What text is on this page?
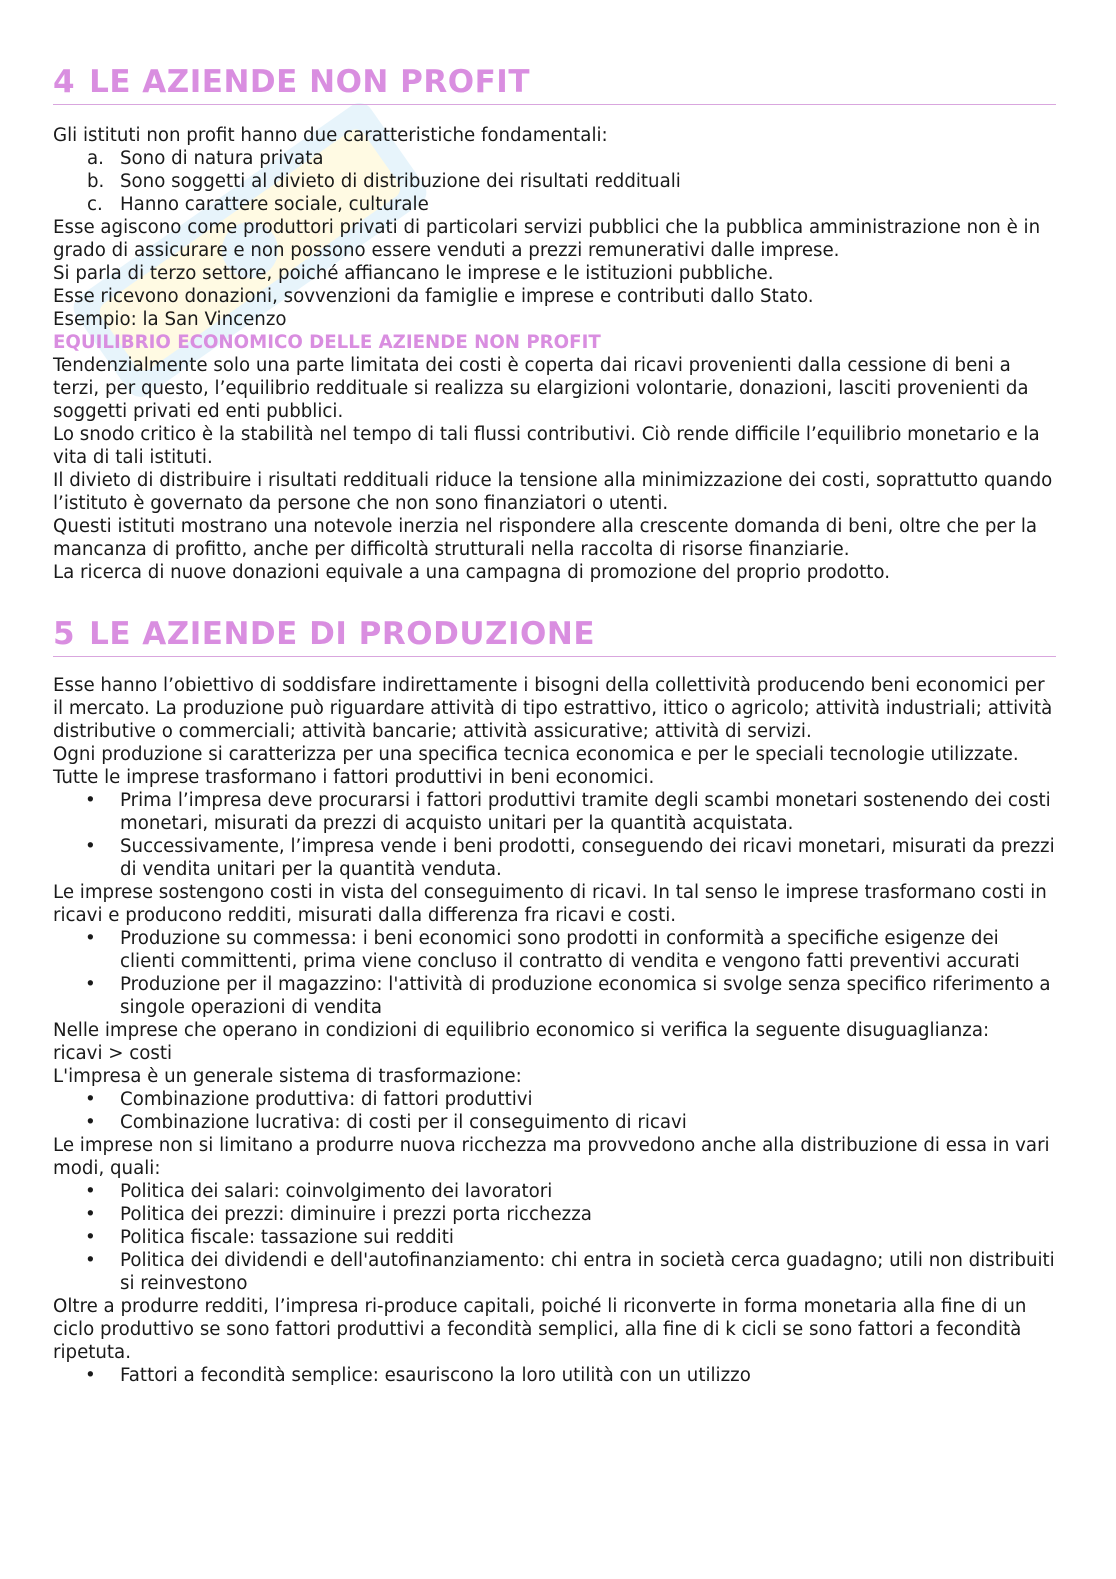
4 LE AZIENDE NON PROFIT

Gli istituti non profit hanno due caratteristiche fondamentali:

a. Sono di natura privata
b. Sono soggetti al divieto di distribuzione dei risultati reddituali
c. Hanno carattere sociale, culturale

Esse agiscono come produttori privati di particolari servizi pubblici che la pubblica amministrazione non è in grado di assicurare e non possono essere venduti a prezzi remunerativi dalle imprese.

Si parla di terzo settore, poiché affiancano le imprese e le istituzioni pubbliche.

Esse ricevono donazioni, sovvenzioni da famiglie e imprese e contributi dallo Stato.

Esempio: la San Vincenzo

EQUILIBRIO ECONOMICO DELLE AZIENDE NON PROFIT

Tendenzialmente solo una parte limitata dei costi è coperta dai ricavi provenienti dalla cessione di beni a terzi, per questo, l’equilibrio reddituale si realizza su elargizioni volontarie, donazioni, lasciti provenienti da soggetti privati ed enti pubblici.

Lo snodo critico è la stabilità nel tempo di tali flussi contributivi. Ciò rende difficile l’equilibrio monetario e la vita di tali istituti.

Il divieto di distribuire i risultati reddituali riduce la tensione alla minimizzazione dei costi, soprattutto quando l’istituto è governato da persone che non sono finanziatori o utenti.

Questi istituti mostrano una notevole inerzia nel rispondere alla crescente domanda di beni, oltre che per la mancanza di profitto, anche per difficoltà strutturali nella raccolta di risorse finanziarie.

La ricerca di nuove donazioni equivale a una campagna di promozione del proprio prodotto.

5 LE AZIENDE DI PRODUZIONE

Esse hanno l’obiettivo di soddisfare indirettamente i bisogni della collettività producendo beni economici per il mercato. La produzione può riguardare attività di tipo estrattivo, ittico o agricolo; attività industriali; attività distributive o commerciali; attività bancarie; attività assicurative; attività di servizi.

Ogni produzione si caratterizza per una specifica tecnica economica e per le speciali tecnologie utilizzate.

Tutte le imprese trasformano i fattori produttivi in beni economici.

• Prima l’impresa deve procurarsi i fattori produttivi tramite degli scambi monetari sostenendo dei costi monetari, misurati da prezzi di acquisto unitari per la quantità acquistata.
• Successivamente, l’impresa vende i beni prodotti, conseguendo dei ricavi monetari, misurati da prezzi di vendita unitari per la quantità venduta.

Le imprese sostengono costi in vista del conseguimento di ricavi. In tal senso le imprese trasformano costi in ricavi e producono redditi, misurati dalla differenza fra ricavi e costi.

• Produzione su commessa: i beni economici sono prodotti in conformità a specifiche esigenze dei clienti committenti, prima viene concluso il contratto di vendita e vengono fatti preventivi accurati
• Produzione per il magazzino: l'attività di produzione economica si svolge senza specifico riferimento a singole operazioni di vendita

Nelle imprese che operano in condizioni di equilibrio economico si verifica la seguente disuguaglianza:

ricavi > costi

L'impresa è un generale sistema di trasformazione:

• Combinazione produttiva: di fattori produttivi
• Combinazione lucrativa: di costi per il conseguimento di ricavi

Le imprese non si limitano a produrre nuova ricchezza ma provvedono anche alla distribuzione di essa in vari modi, quali:

• Politica dei salari: coinvolgimento dei lavoratori
• Politica dei prezzi: diminuire i prezzi porta ricchezza
• Politica fiscale: tassazione sui redditi
• Politica dei dividendi e dell'autofinanziamento: chi entra in società cerca guadagno; utili non distribuiti si reinvestono

Oltre a produrre redditi, l’impresa ri-produce capitali, poiché li riconverte in forma monetaria alla fine di un ciclo produttivo se sono fattori produttivi a fecondità semplici, alla fine di k cicli se sono fattori a fecondità ripetuta.

• Fattori a fecondità semplice: esauriscono la loro utilità con un utilizzo
